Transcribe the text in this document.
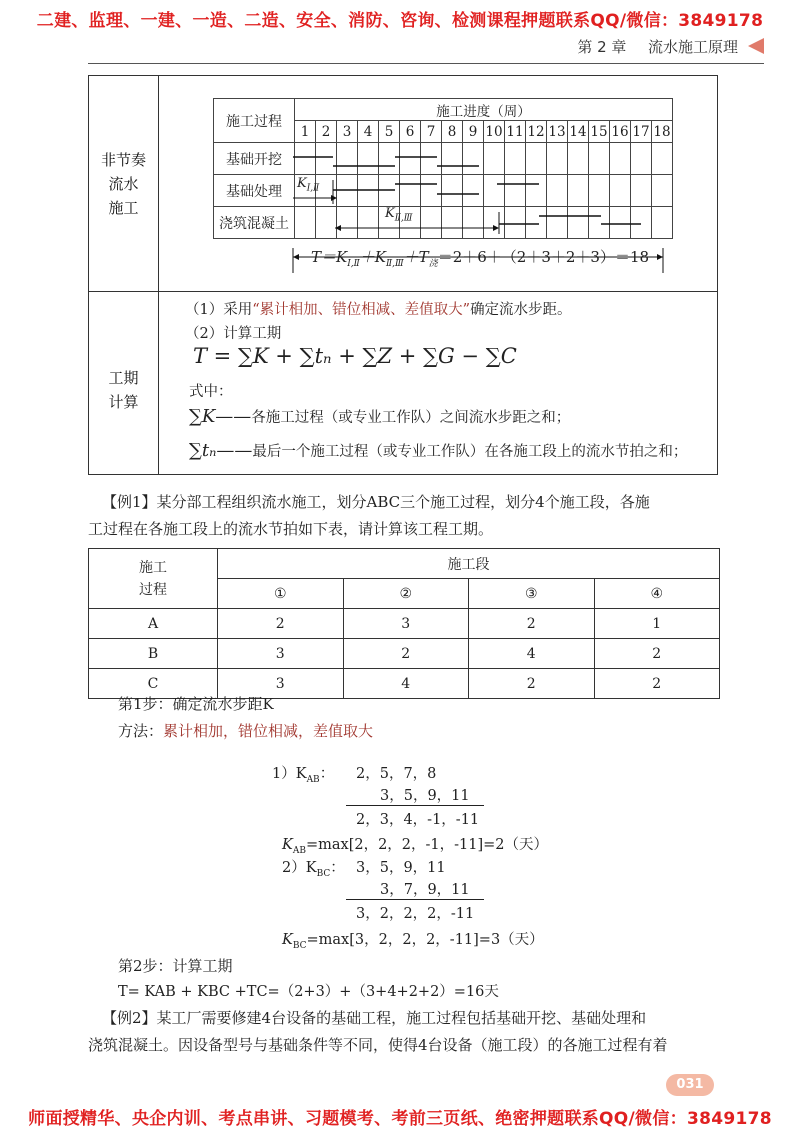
二建、监理、一建、一造、二造、安全、消防、咨询、检测课程押题联系QQ/微信：3849178
师面授精华、央企内训、考点串讲、习题模考、考前三页纸、绝密押题联系QQ/微信：3849178
第 2 章 流水施工原理
非节奏
流水
施工
工期
计算
施工过程	施工进度（周）																	
	1	2	3	4	5	6	7	8	9	10	11	12	13	14	15	16	17	18
基础开挖																		
基础处理																		
浇筑混凝土																		
$K_{Ⅰ,Ⅱ}$
$K_{Ⅱ,Ⅲ}$
$T=K_{Ⅰ,Ⅱ}+K_{Ⅱ,Ⅲ}+T_浇=2+6+(2+3+2+3)=18$
（1）采用“累计相加、错位相减、差值取大”确定流水步距。
（2）计算工期
T = ∑K + ∑tₙ + ∑Z + ∑G − ∑C
式中：
∑K——各施工过程（或专业工作队）之间流水步距之和；
∑tₙ——最后一个施工过程（或专业工作队）在各施工段上的流水节拍之和；
【例1】某分部工程组织流水施工，划分ABC三个施工过程，划分4个施工段，各施
工过程在各施工段上的流水节拍如下表，请计算该工程工期。
施工
过程	施工段			
	①	②	③	④
A	2	3	2	1
B	3	2	4	2
C	3	4	2	2
第1步：确定流水步距K
方法：累计相加，错位相减，差值取大
$1)K_{AB}$： 2，5，7，8
3，5，9，11
2，3，4，-1，-11
$K_{AB}=\max[2$，2，2，-1，-11]=2（天）
$2)K_{BC}$： 3，5，9，11
3，7，9，11
3，2，2，2，-11
$K_{BC}=\max[3$，2，2，2，-11]=3（天）
第2步：计算工期
T= KAB + KBC +TC=（2+3）+（3+4+2+2）=16天
【例2】某工厂需要修建4台设备的基础工程，施工过程包括基础开挖、基础处理和
浇筑混凝土。因设备型号与基础条件等不同，使得4台设备（施工段）的各施工过程有着
031
